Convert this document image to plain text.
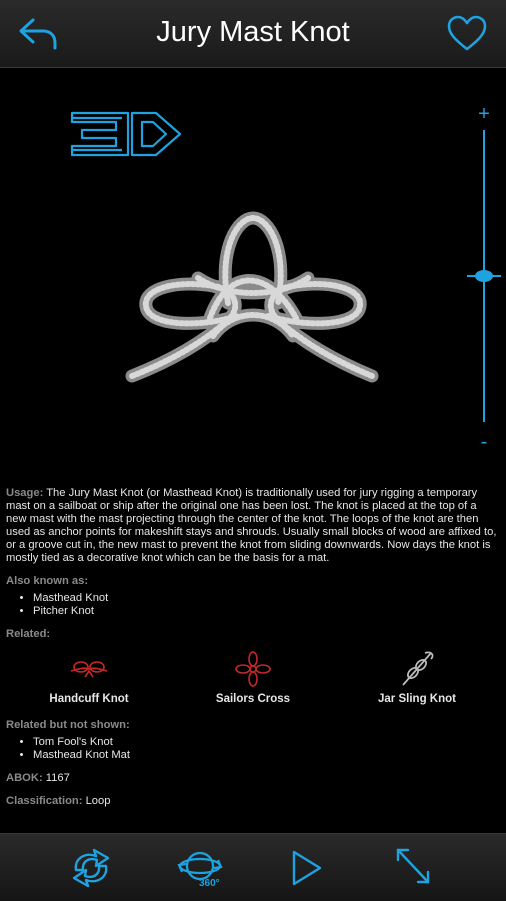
Jury Mast Knot
+
-

Usage: The Jury Mast Knot (or Masthead Knot) is traditionally used for jury rigging a temporary mast on a sailboat or ship after the original one has been lost. The knot is placed at the top of a new mast with the mast projecting through the center of the knot. The loops of the knot are then used as anchor points for makeshift stays and shrouds. Usually small blocks of wood are affixed to, or a groove cut in, the new mast to prevent the knot from sliding downwards. Now days the knot is mostly tied as a decorative knot which can be the basis for a mat.

Also known as:
• Masthead Knot
• Pitcher Knot
Related:
Handcuff Knot	Sailors Cross	Jar Sling Knot
Related but not shown:
• Tom Fool's Knot
• Masthead Knot Mat
ABOK: 1167
Classification: Loop
360°
